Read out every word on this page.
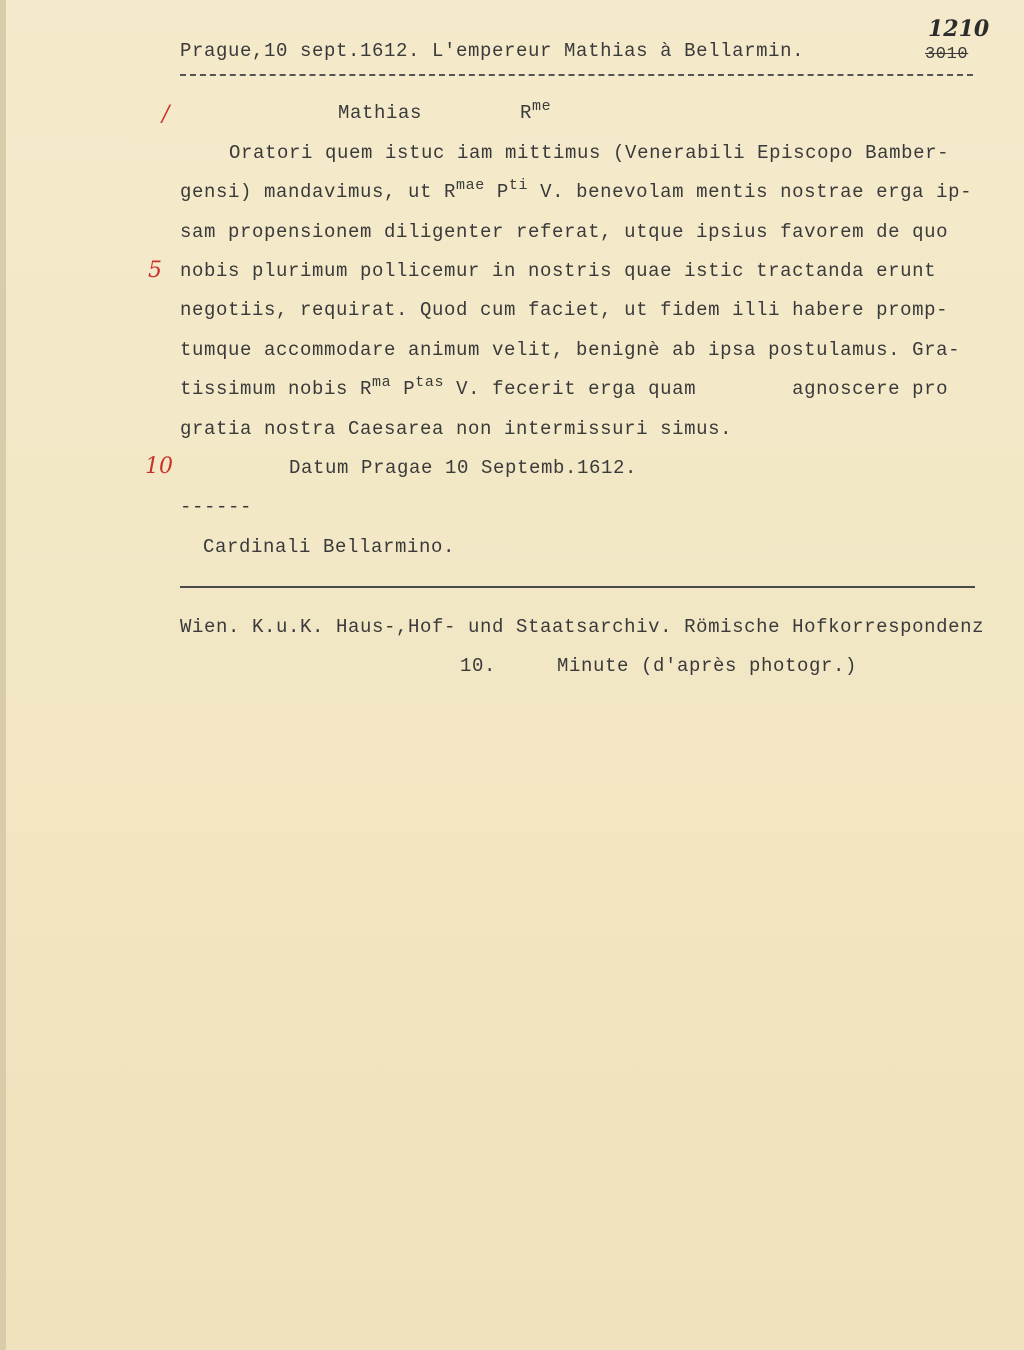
Prague,10 sept.1612. L'empereur Mathias à Bellarmin.
1210
3010
/
5
10
Mathias	$R^{me}$
Oratori quem istuc iam mittimus (Venerabili Episcopo Bamber-
gensi) mandavimus, ut $R^{mae}$ $P^{ti}$ V. benevolam mentis nostrae erga ip-
sam propensionem diligenter referat, utque ipsius favorem de quo
nobis plurimum pollicemur in nostris quae istic tractanda erunt
negotiis, requirat. Quod cum faciet, ut fidem illi habere promp-
tumque accommodare animum velit, benignè ab ipsa postulamus. Gra-
tissimum nobis $R^{ma}$ $P^{tas}$ V. fecerit erga quam        agnoscere pro
gratia nostra Caesarea non intermissuri simus.
Datum Pragae 10 Septemb.1612.
------
Cardinali Bellarmino.
Wien. K.u.K. Haus-,Hof- und Staatsarchiv. Römische Hofkorrespondenz
10.	Minute (d'après photogr.)
